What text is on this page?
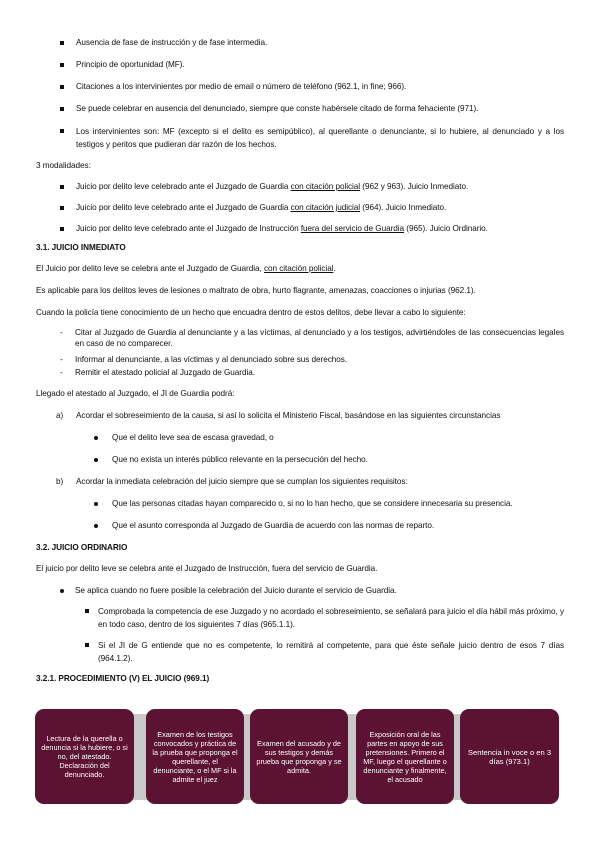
Ausencia de fase de instrucción y de fase intermedia.
Principio de oportunidad (MF).
Citaciones a los intervinientes por medio de email o número de teléfono (962.1, in fine; 966).
Se puede celebrar en ausencia del denunciado, siempre que conste habérsele citado de forma fehaciente (971).
Los intervinientes son: MF (excepto si el delito es semipúblico), al querellante o denunciante, si lo hubiere, al denunciado y a los testigos y peritos que pudieran dar razón de los hechos.
3 modalidades:
Juicio por delito leve celebrado ante el Juzgado de Guardia con citación policial (962 y 963). Juicio Inmediato.
Juicio por delito leve celebrado ante el Juzgado de Guardia con citación judicial (964). Juicio Inmediato.
Juicio por delito leve celebrado ante el Juzgado de Instrucción fuera del servicio de Guardia (965). Juicio Ordinario.
3.1. JUICIO INMEDIATO
El Juicio por delito leve se celebra ante el Juzgado de Guardia, con citación policial.
Es aplicable para los delitos leves de lesiones o maltrato de obra, hurto flagrante, amenazas, coacciones o injurias (962.1).
Cuando la policía tiene conocimiento de un hecho que encuadra dentro de estos delitos, debe llevar a cabo lo siguiente:
- Citar al Juzgado de Guardia al denunciante y a las víctimas, al denunciado y a los testigos, advirtiéndoles de las consecuencias legales en caso de no comparecer.
- Informar al denunciante, a las víctimas y al denunciado sobre sus derechos.
- Remitir el atestado policial al Juzgado de Guardia.
Llegado el atestado al Juzgado, el JI de Guardia podrá:
a) Acordar el sobreseimiento de la causa, si así lo solicita el Ministerio Fiscal, basándose en las siguientes circunstancias
Que el delito leve sea de escasa gravedad, o
Que no exista un interés público relevante en la persecución del hecho.
b) Acordar la inmediata celebración del juicio siempre que se cumplan los siguientes requisitos:
Que las personas citadas hayan comparecido o, si no lo han hecho, que se considere innecesaria su presencia.
Que el asunto corresponda al Juzgado de Guardia de acuerdo con las normas de reparto.
3.2. JUICIO ORDINARIO
El juicio por delito leve se celebra ante el Juzgado de Instrucción, fuera del servicio de Guardia.
Se aplica cuando no fuere posible la celebración del Juicio durante el servicio de Guardia.
Comprobada la competencia de ese Juzgado y no acordado el sobreseimiento, se señalará para juicio el día hábil más próximo, y en todo caso, dentro de los siguientes 7 días (965.1.1).
Si el JI de G entiende que no es competente, lo remitirá al competente, para que éste señale juicio dentro de esos 7 días (964.1.2).
3.2.1. PROCEDIMIENTO (V) EL JUICIO (969.1)
Lectura de la querella o denuncia si la hubiere, o si no, del atestado. Declaración del denunciado.
Examen de los testigos convocados y práctica de la prueba que proponga el querellante, el denunciante, o el MF si la admite el juez
Examen del acusado y de sus testigos y demás prueba que proponga y se admita.
Exposición oral de las partes en apoyo de sus pretensiones. Primero el MF, luego el querellante o denunciante y finalmente, el acusado
Sentencia in voce o en 3 días (973.1)
